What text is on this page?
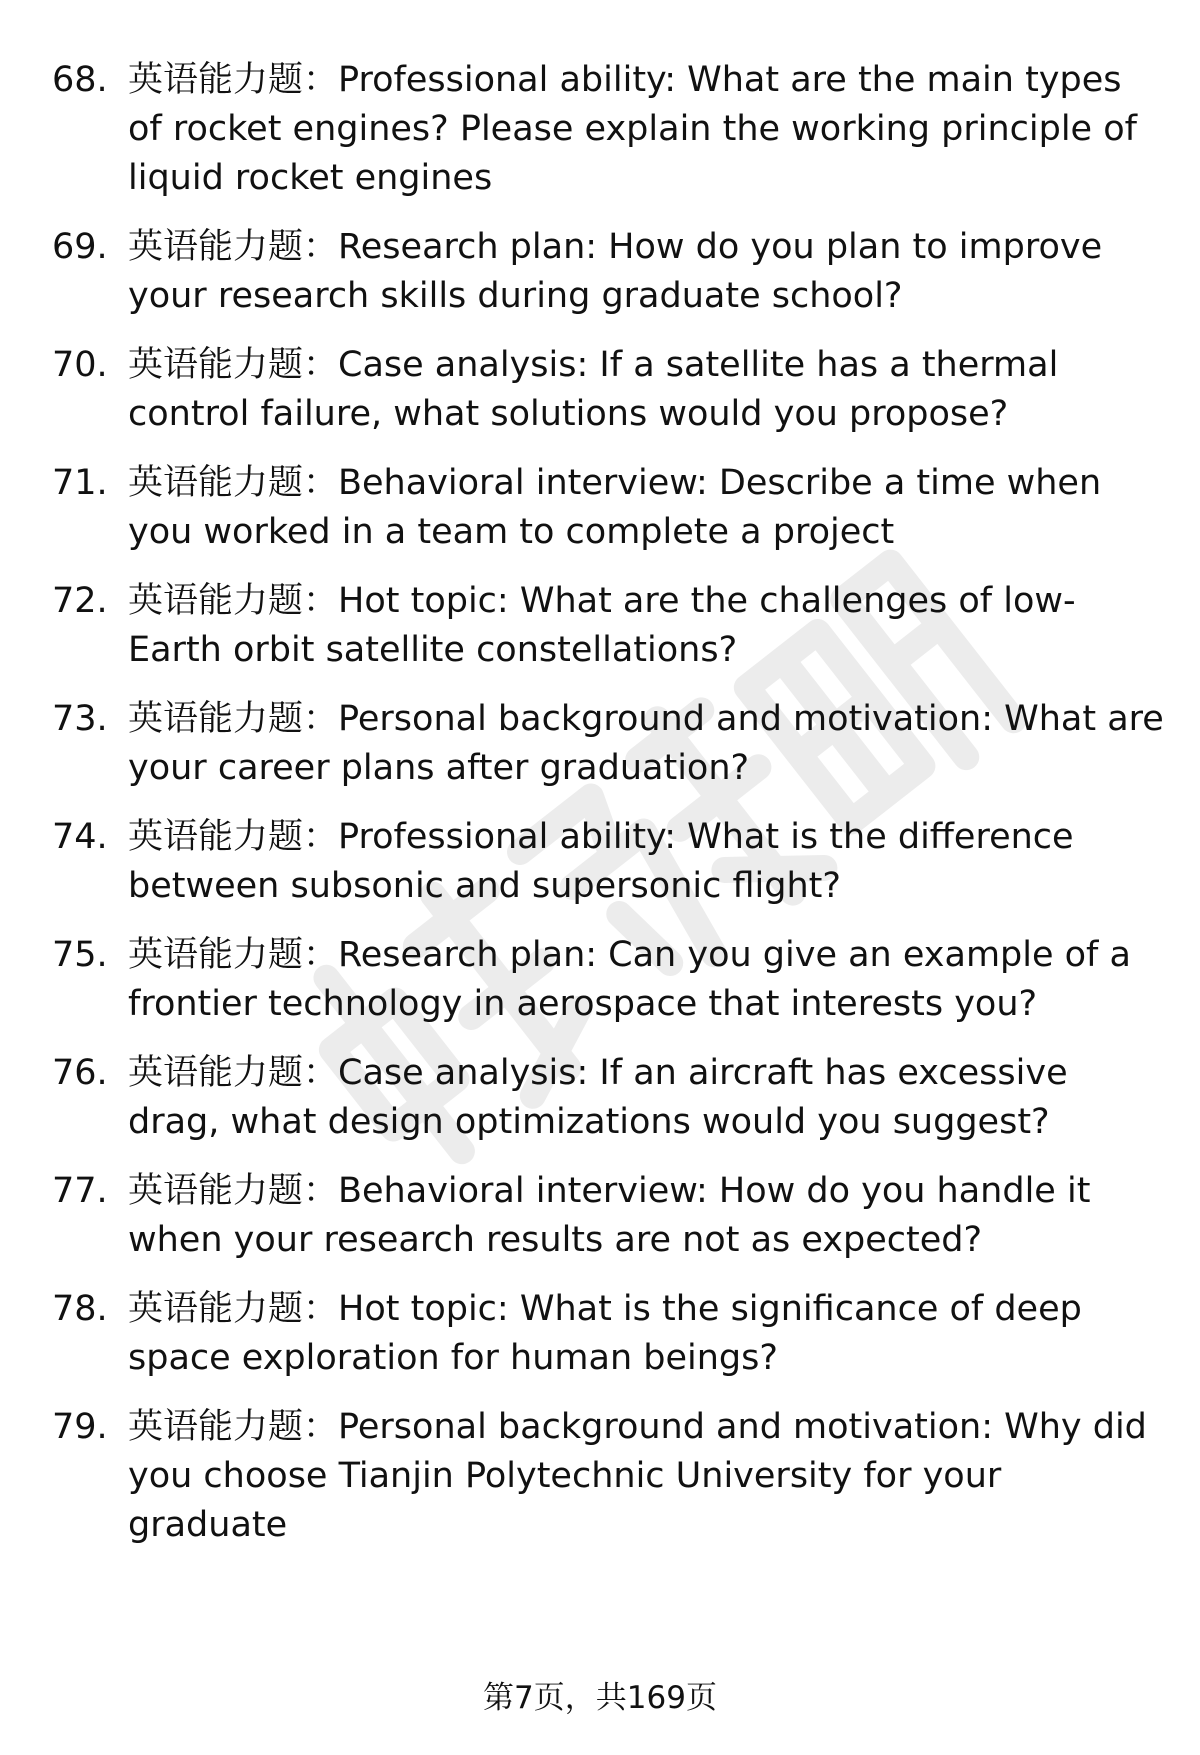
68. 英语能力题：Professional ability: What are the main types of rocket engines? Please explain the working principle of liquid rocket engines
69. 英语能力题：Research plan: How do you plan to improve your research skills during graduate school?
70. 英语能力题：Case analysis: If a satellite has a thermal control failure, what solutions would you propose?
71. 英语能力题：Behavioral interview: Describe a time when you worked in a team to complete a project
72. 英语能力题：Hot topic: What are the challenges of low-Earth orbit satellite constellations?
73. 英语能力题：Personal background and motivation: What are your career plans after graduation?
74. 英语能力题：Professional ability: What is the difference between subsonic and supersonic flight?
75. 英语能力题：Research plan: Can you give an example of a frontier technology in aerospace that interests you?
76. 英语能力题：Case analysis: If an aircraft has excessive drag, what design optimizations would you suggest?
77. 英语能力题：Behavioral interview: How do you handle it when your research results are not as expected?
78. 英语能力题：Hot topic: What is the significance of deep space exploration for human beings?
79. 英语能力题：Personal background and motivation: Why did you choose Tianjin Polytechnic University for your graduate
第7页，共169页
